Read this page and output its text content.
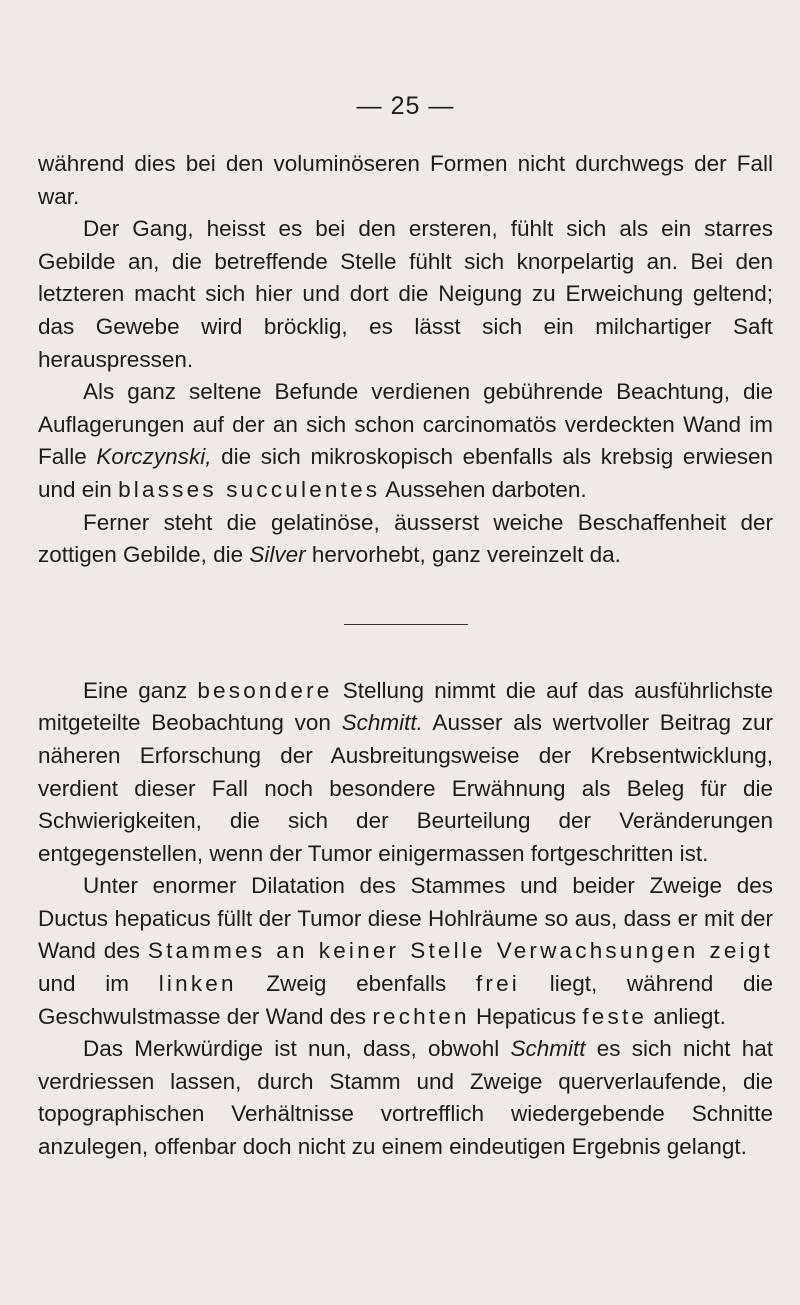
— 25 —

während dies bei den voluminöseren Formen nicht durchwegs der Fall war.

Der Gang, heisst es bei den ersteren, fühlt sich als ein starres Gebilde an, die betreffende Stelle fühlt sich knorpelartig an. Bei den letzteren macht sich hier und dort die Neigung zu Erweichung geltend; das Gewebe wird bröcklig, es lässt sich ein milchartiger Saft herauspressen.

Als ganz seltene Befunde verdienen gebührende Beachtung, die Auflagerungen auf der an sich schon carcinomatös verdeckten Wand im Falle Korczynski, die sich mikroskopisch ebenfalls als krebsig erwiesen und ein blasses succulentes Aussehen darboten.

Ferner steht die gelatinöse, äusserst weiche Beschaffenheit der zottigen Gebilde, die Silver hervorhebt, ganz vereinzelt da.

Eine ganz besondere Stellung nimmt die auf das ausführlichste mitgeteilte Beobachtung von Schmitt. Ausser als wertvoller Beitrag zur näheren Erforschung der Ausbreitungsweise der Krebsentwicklung, verdient dieser Fall noch besondere Erwähnung als Beleg für die Schwierigkeiten, die sich der Beurteilung der Veränderungen entgegenstellen, wenn der Tumor einigermassen fortgeschritten ist.

Unter enormer Dilatation des Stammes und beider Zweige des Ductus hepaticus füllt der Tumor diese Hohlräume so aus, dass er mit der Wand des Stammes an keiner Stelle Verwachsungen zeigt und im linken Zweig ebenfalls frei liegt, während die Geschwulstmasse der Wand des rechten Hepaticus feste anliegt.

Das Merkwürdige ist nun, dass, obwohl Schmitt es sich nicht hat verdriessen lassen, durch Stamm und Zweige querverlaufende, die topographischen Verhältnisse vortrefflich wiedergebende Schnitte anzulegen, offenbar doch nicht zu einem eindeutigen Ergebnis gelangt.
